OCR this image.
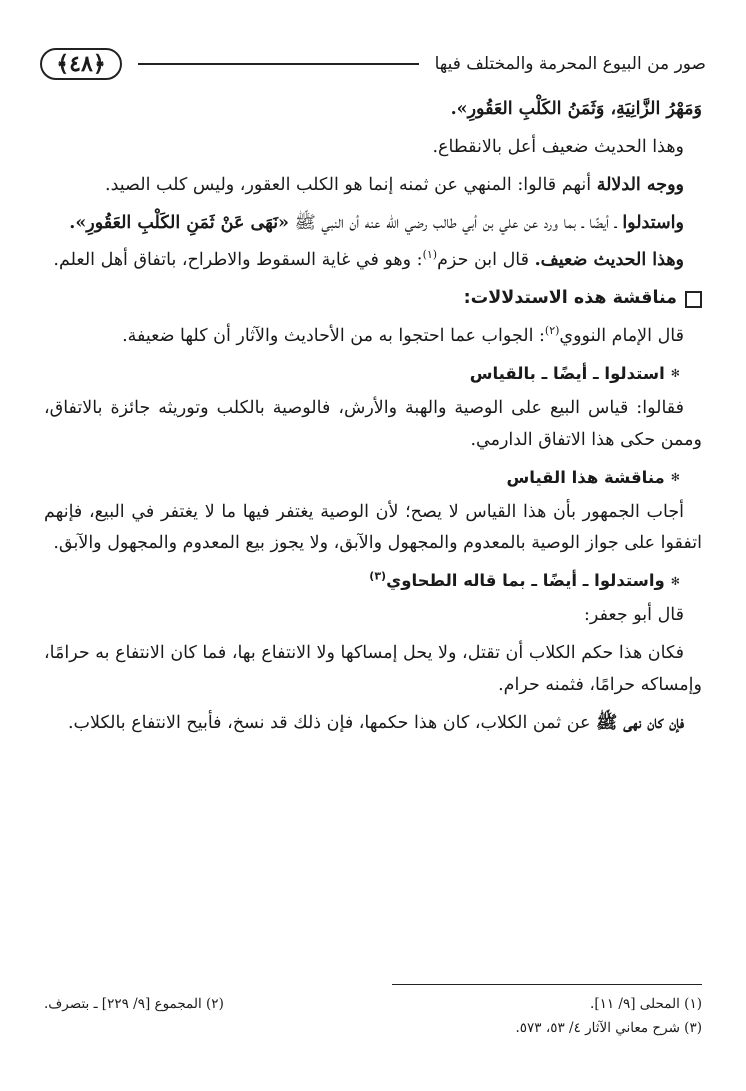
صور من البيوع المحرمة والمختلف فيها
﴿٤٨﴾

وَمَهْرُ الزَّانِيَةِ، وَثَمَنُ الكَلْبِ العَقُورِ».

وهذا الحديث ضعيف أعل بالانقطاع.

ووجه الدلالة أنهم قالوا: المنهي عن ثمنه إنما هو الكلب العقور، وليس كلب الصيد.

واستدلوا ـ أيضًا ـ بما ورد عن علي بن أبي طالب رضي الله عنه أن النبي ﷺ «نَهَى عَنْ ثَمَنِ الكَلْبِ العَقُورِ».

وهذا الحديث ضعيف. قال ابن حزم$^{(١)}$: وهو في غاية السقوط والاطراح، باتفاق أهل العلم.

مناقشة هذه الاستدلالات:

قال الإمام النووي$^{(٢)}$: الجواب عما احتجوا به من الأحاديث والآثار أن كلها ضعيفة.

✻استدلوا ـ أيضًا ـ بالقياس

فقالوا: قياس البيع على الوصية والهبة والأرش، فالوصية بالكلب وتوريثه جائزة بالاتفاق، وممن حكى هذا الاتفاق الدارمي.

✻مناقشة هذا القياس

أجاب الجمهور بأن هذا القياس لا يصح؛ لأن الوصية يغتفر فيها ما لا يغتفر في البيع، فإنهم اتفقوا على جواز الوصية بالمعدوم والمجهول والآبق، ولا يجوز بيع المعدوم والمجهول والآبق.

✻واستدلوا ـ أيضًا ـ بما قاله الطحاوي$^{(٣)}$

قال أبو جعفر:

فكان هذا حكم الكلاب أن تقتل، ولا يحل إمساكها ولا الانتفاع بها، فما كان الانتفاع به حرامًا، وإمساكه حرامًا، فثمنه حرام.

فإن كان نهى ﷺ عن ثمن الكلاب، كان هذا حكمها، فإن ذلك قد نسخ، فأبيح الانتفاع بالكلاب.

(١) المحلى [٩/ ١١].
(٢) المجموع [٩/ ٢٢٩] ـ بتصرف.
(٣) شرح معاني الآثار ٤/ ٥٣، ٥٧٣.
